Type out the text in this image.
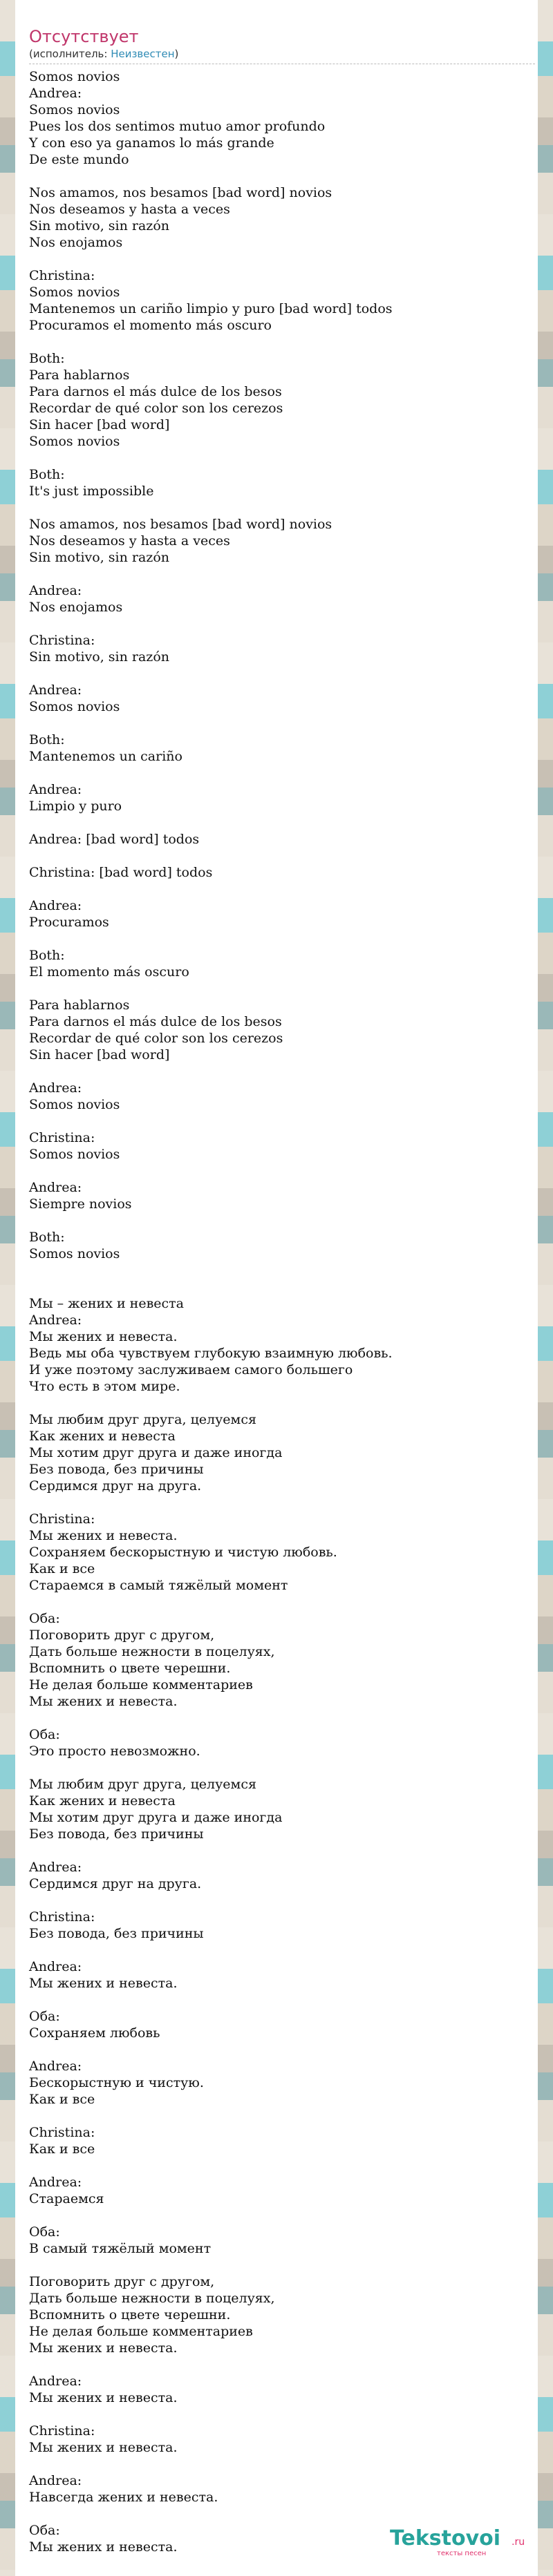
Отсутствует
(исполнитель: Неизвестен)
Somos novios
Andrea:
Somos novios
Pues los dos sentimos mutuo amor profundo
Y con eso ya ganamos lo más grande
De este mundo

Nos amamos, nos besamos [bad word] novios
Nos deseamos y hasta a veces
Sin motivo, sin razón
Nos enojamos

Christina:
Somos novios
Mantenemos un cariño limpio y puro [bad word] todos
Procuramos el momento más oscuro

Both:
Para hablarnos
Para darnos el más dulce de los besos
Recordar de qué color son los cerezos
Sin hacer [bad word]
Somos novios

Both:
It's just impossible

Nos amamos, nos besamos [bad word] novios
Nos deseamos y hasta a veces
Sin motivo, sin razón

Andrea:
Nos enojamos

Christina:
Sin motivo, sin razón

Andrea:
Somos novios

Both:
Mantenemos un cariño

Andrea:
Limpio y puro

Andrea: [bad word] todos

Christina: [bad word] todos

Andrea:
Procuramos

Both:
El momento más oscuro

Para hablarnos
Para darnos el más dulce de los besos
Recordar de qué color son los cerezos
Sin hacer [bad word]

Andrea:
Somos novios

Christina:
Somos novios

Andrea:
Siempre novios

Both:
Somos novios

Мы – жених и невеста
Andrea:
Мы жених и невеста.
Ведь мы оба чувствуем глубокую взаимную любовь.
И уже поэтому заслуживаем самого большего
Что есть в этом мире.

Мы любим друг друга, целуемся
Как жених и невеста
Мы хотим друг друга и даже иногда
Без повода, без причины
Сердимся друг на друга.

Christina:
Мы жених и невеста.
Сохраняем бескорыстную и чистую любовь.
Как и все
Стараемся в самый тяжёлый момент

Оба:
Поговорить друг с другом,
Дать больше нежности в поцелуях,
Вспомнить о цвете черешни.
Не делая больше комментариев
Мы жених и невеста.

Оба:
Это просто невозможно.

Мы любим друг друга, целуемся
Как жених и невеста
Мы хотим друг друга и даже иногда
Без повода, без причины

Andrea:
Сердимся друг на друга.

Christina:
Без повода, без причины

Andrea:
Мы жених и невеста.

Оба:
Сохраняем любовь

Andrea:
Бескорыстную и чистую.
Как и все

Christina:
Как и все

Andrea:
Стараемся

Оба:
В самый тяжёлый момент

Поговорить друг с другом,
Дать больше нежности в поцелуях,
Вспомнить о цвете черешни.
Не делая больше комментариев
Мы жених и невеста.

Andrea:
Мы жених и невеста.

Christina:
Мы жених и невеста.

Andrea:
Навсегда жених и невеста.

Оба:
Мы жених и невеста.	Tekstovoi .ru
тексты песен
